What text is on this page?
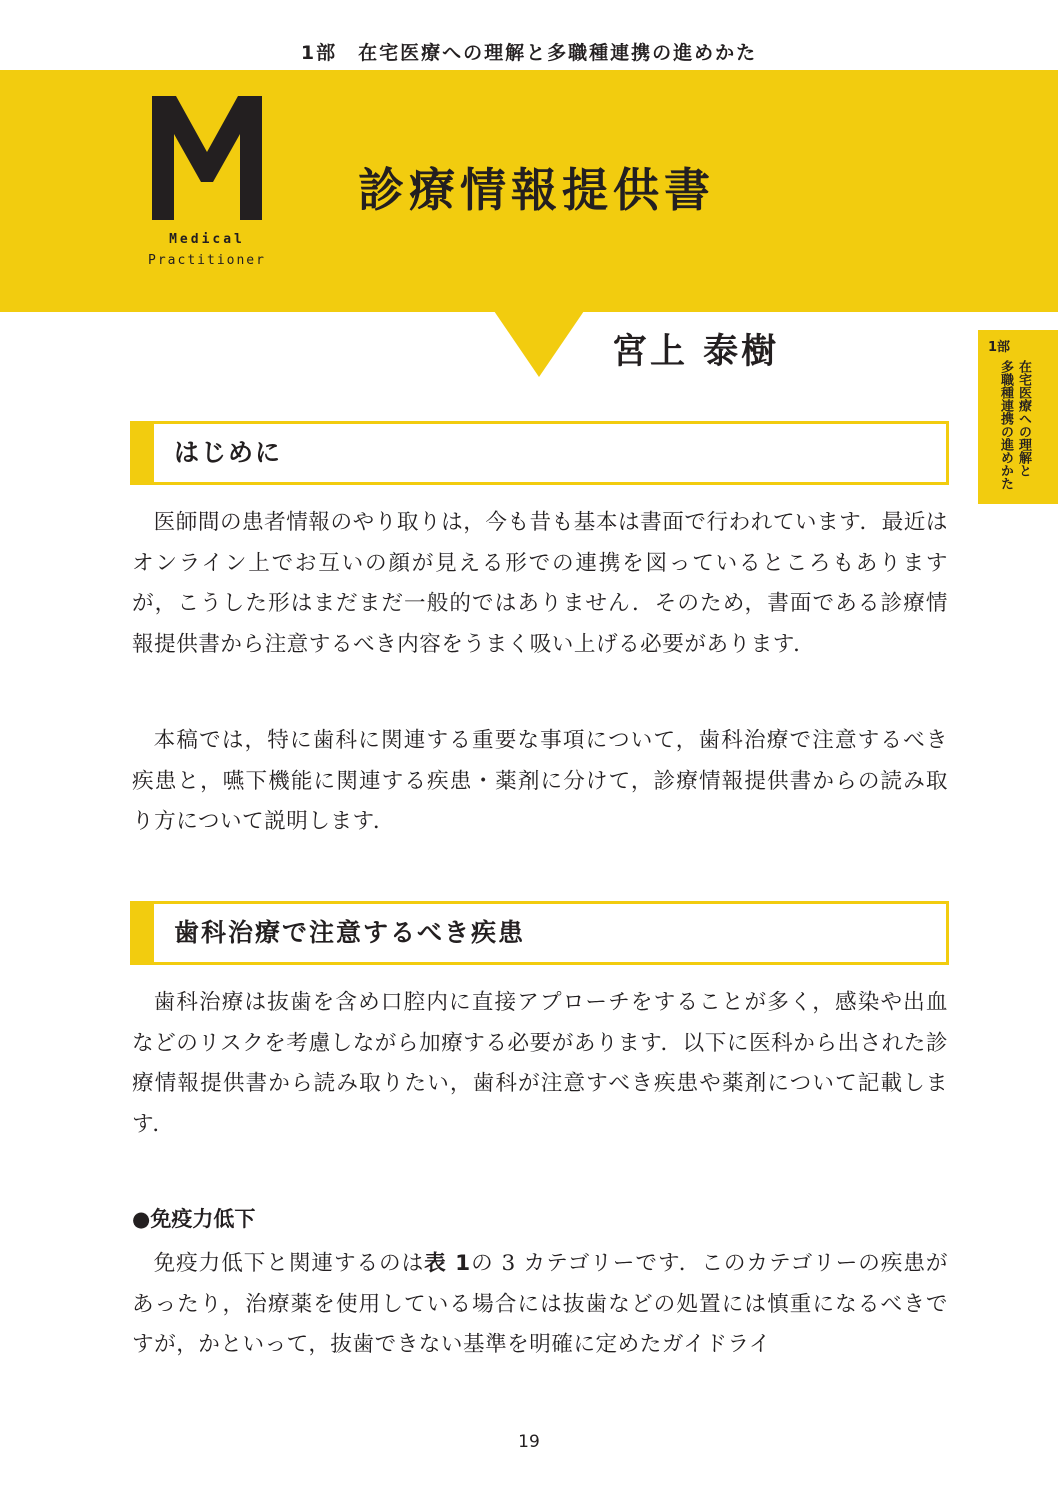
1部　在宅医療への理解と多職種連携の進めかた
Medical
Practitioner
診療情報提供書
宮上 泰樹	1部
在宅医療への理解と
多職種連携の進めかた
はじめに

医師間の患者情報のやり取りは，今も昔も基本は書面で行われています．最近はオンライン上でお互いの顔が見える形での連携を図っているところもありますが，こうした形はまだまだ一般的ではありません．そのため，書面である診療情報提供書から注意するべき内容をうまく吸い上げる必要があります．

本稿では，特に歯科に関連する重要な事項について，歯科治療で注意するべき疾患と，嚥下機能に関連する疾患・薬剤に分けて，診療情報提供書からの読み取り方について説明します．

歯科治療で注意するべき疾患

歯科治療は抜歯を含め口腔内に直接アプローチをすることが多く，感染や出血などのリスクを考慮しながら加療する必要があります．以下に医科から出された診療情報提供書から読み取りたい，歯科が注意すべき疾患や薬剤について記載します．

●免疫力低下

免疫力低下と関連するのは表 1の 3 カテゴリーです．このカテゴリーの疾患があったり，治療薬を使用している場合には抜歯などの処置には慎重になるべきですが，かといって，抜歯できない基準を明確に定めたガイドライ

19
